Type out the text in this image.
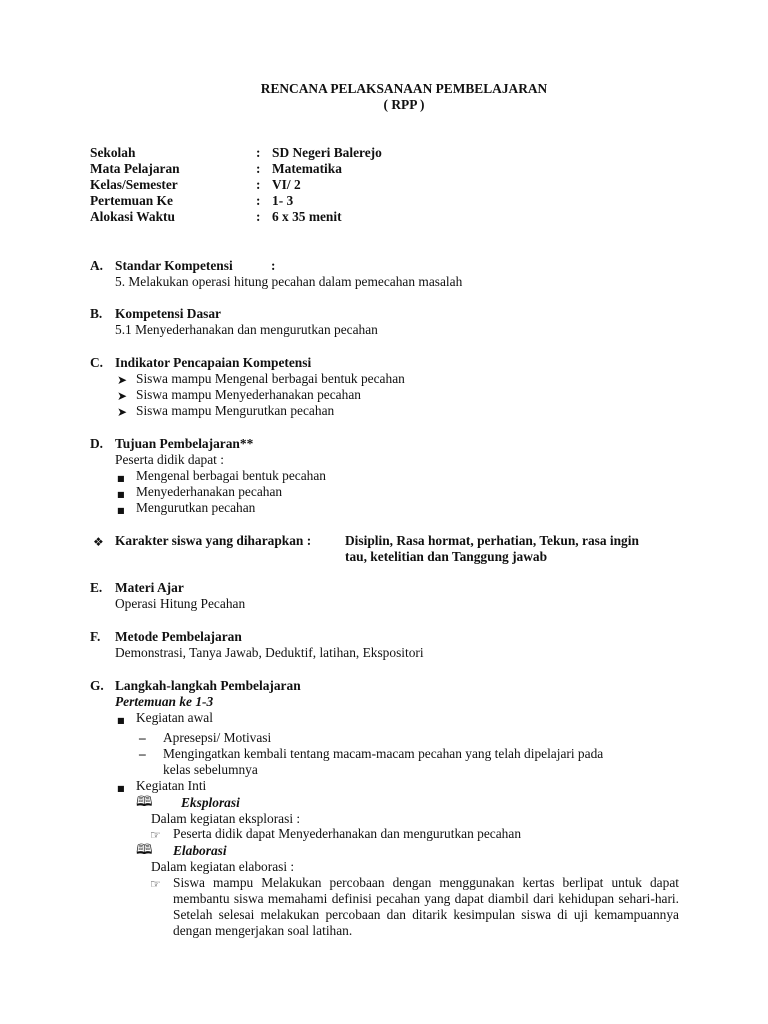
RENCANA PELAKSANAAN PEMBELAJARAN
( RPP )
Sekolah	: SD Negeri Balerejo
Mata Pelajaran	: Matematika
Kelas/Semester	: VI/ 2
Pertemuan Ke	: 1- 3
Alokasi Waktu	: 6 x 35 menit
A. Standar Kompetensi	:
5. Melakukan operasi hitung pecahan dalam pemecahan masalah
B. Kompetensi Dasar
5.1 Menyederhanakan dan mengurutkan pecahan
C. Indikator Pencapaian Kompetensi
➤ Siswa mampu Mengenal berbagai bentuk pecahan
➤ Siswa mampu Menyederhanakan pecahan
➤ Siswa mampu Mengurutkan pecahan
D. Tujuan Pembelajaran**
Peserta didik dapat :
■ Mengenal berbagai bentuk pecahan
■ Menyederhanakan pecahan
■ Mengurutkan pecahan
❖ Karakter siswa yang diharapkan :	Disiplin, Rasa hormat, perhatian, Tekun, rasa ingin
tau, ketelitian dan Tanggung jawab
E. Materi Ajar
Operasi Hitung Pecahan
F. Metode Pembelajaran
Demonstrasi, Tanya Jawab, Deduktif, latihan, Ekspositori
G. Langkah-langkah Pembelajaran
Pertemuan ke 1-3
■ Kegiatan awal
– Apresepsi/ Motivasi
– Mengingatkan kembali tentang macam-macam pecahan yang telah dipelajari pada
kelas sebelumnya
■ Kegiatan Inti
🕮 Eksplorasi
Dalam kegiatan eksplorasi :
☞ Peserta didik dapat Menyederhanakan dan mengurutkan pecahan
🕮 Elaborasi
Dalam kegiatan elaborasi :
☞ Siswa mampu Melakukan percobaan dengan menggunakan kertas berlipat untuk dapat membantu siswa memahami definisi pecahan yang dapat diambil dari kehidupan sehari-hari. Setelah selesai melakukan percobaan dan ditarik kesimpulan siswa di uji kemampuannya dengan mengerjakan soal latihan.
